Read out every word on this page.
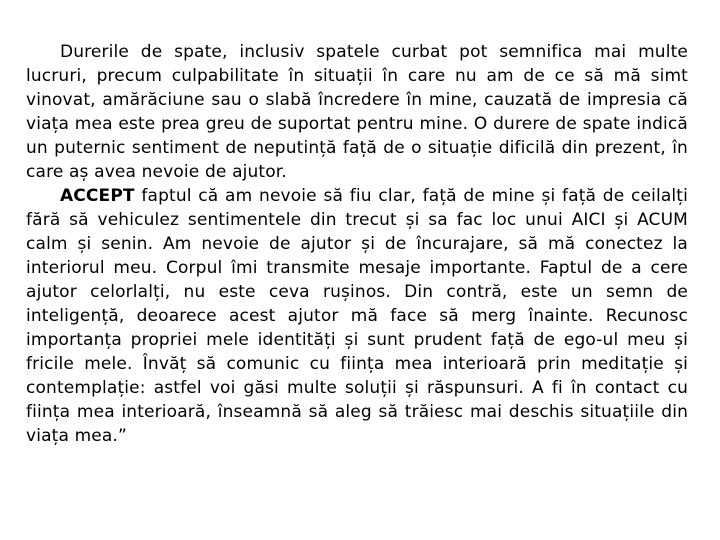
Durerile de spate, inclusiv spatele curbat pot semnifica mai multe lucruri, precum culpabilitate în situații în care nu am de ce să mă simt vinovat, amărăciune sau o slabă încredere în mine, cauzată de impresia că viața mea este prea greu de suportat pentru mine. O durere de spate indică un puternic sentiment de neputință față de o situație dificilă din prezent, în care aș avea nevoie de ajutor.

ACCEPT faptul că am nevoie să fiu clar, față de mine și față de ceilalți fără să vehiculez sentimentele din trecut și sa fac loc unui AICI și ACUM calm și senin. Am nevoie de ajutor și de încurajare, să mă conectez la interiorul meu. Corpul îmi transmite mesaje importante. Faptul de a cere ajutor celorlalți, nu este ceva rușinos. Din contră, este un semn de inteligență, deoarece acest ajutor mă face să merg înainte. Recunosc importanța propriei mele identități și sunt prudent față de ego-ul meu și fricile mele. Învăț să comunic cu ființa mea interioară prin meditație și contemplație: astfel voi găsi multe soluții și răspunsuri. A fi în contact cu ființa mea interioară, înseamnă să aleg să trăiesc mai deschis situațiile din viața mea.”
